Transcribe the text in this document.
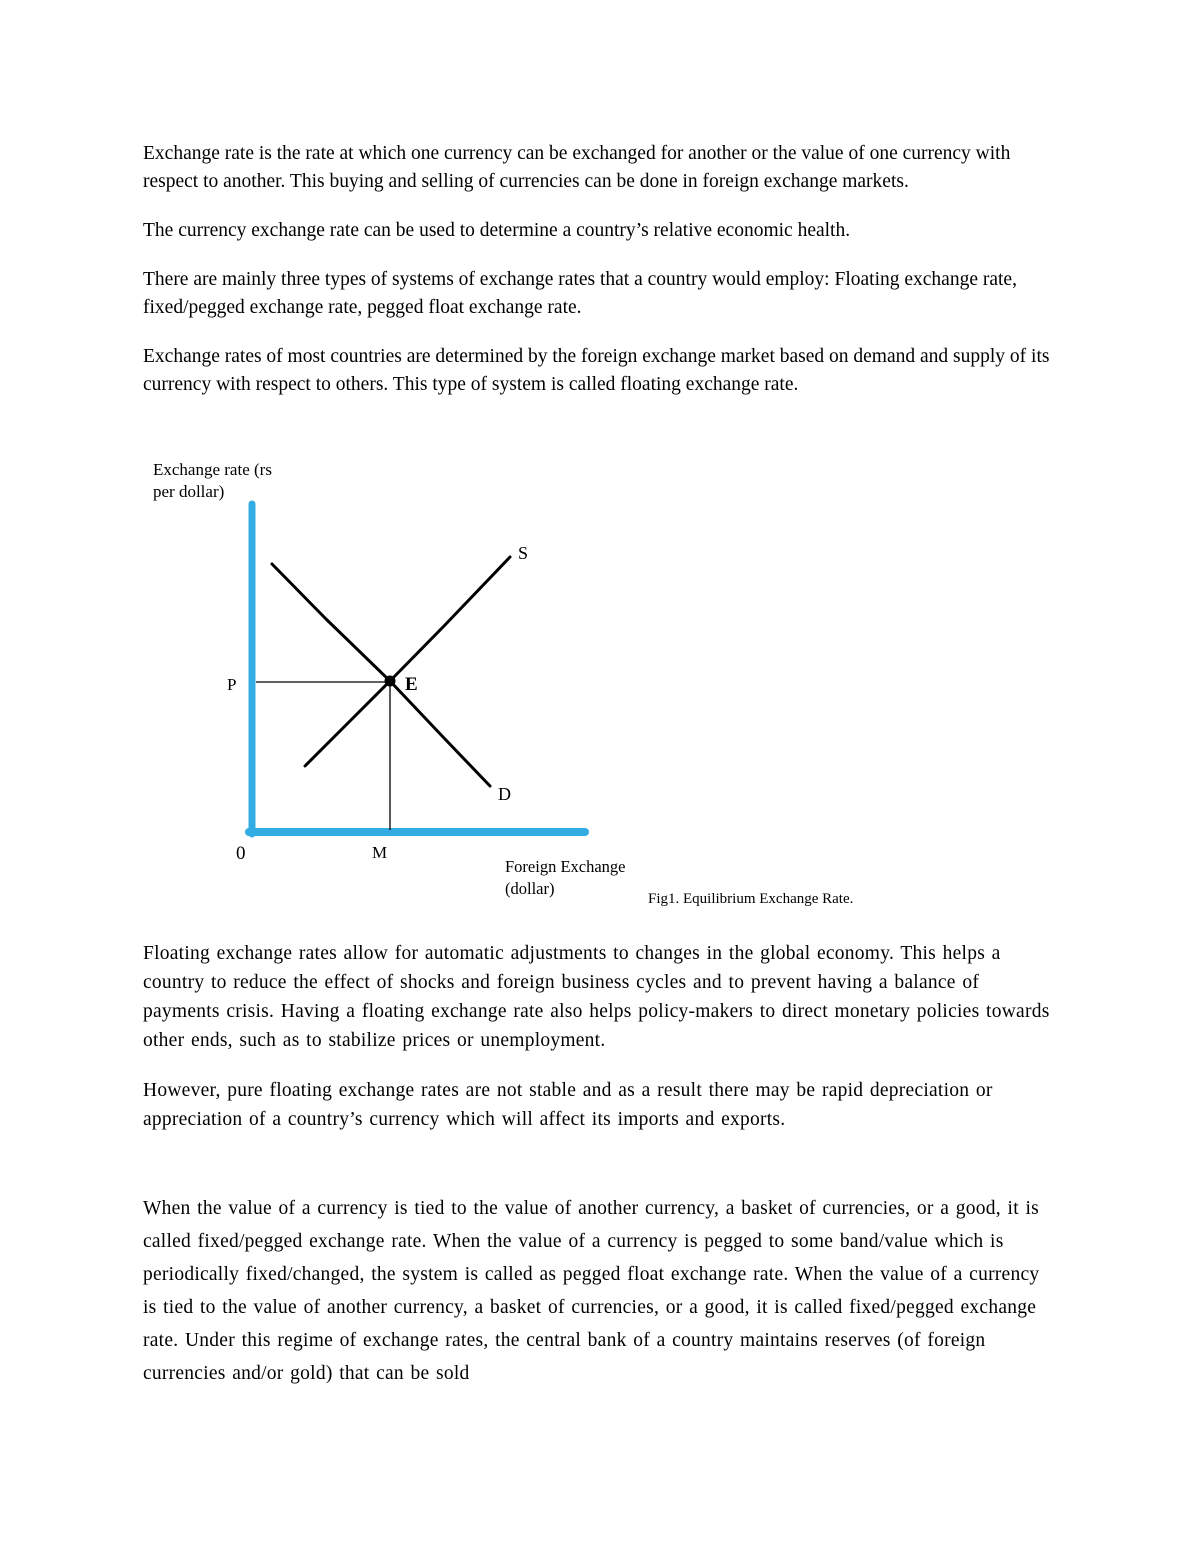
Exchange rate is the rate at which one currency can be exchanged for another or the value of one currency with respect to another. This buying and selling of currencies can be done in foreign exchange markets.

The currency exchange rate can be used to determine a country’s relative economic health.

There are mainly three types of systems of exchange rates that a country would employ: Floating exchange rate, fixed/pegged exchange rate, pegged float exchange rate.

Exchange rates of most countries are determined by the foreign exchange market based on demand and supply of its currency with respect to others. This type of system is called floating exchange rate.

Exchange rate (rs
per dollar)
S
D
E
P
0	M
Foreign Exchange
(dollar)
Fig1. Equilibrium Exchange Rate.

Floating exchange rates allow for automatic adjustments to changes in the global economy. This helps a country to reduce the effect of shocks and foreign business cycles and to prevent having a balance of payments crisis. Having a floating exchange rate also helps policy-makers to direct monetary policies towards other ends, such as to stabilize prices or unemployment.

However, pure floating exchange rates are not stable and as a result there may be rapid depreciation or appreciation of a country’s currency which will affect its imports and exports.

When the value of a currency is tied to the value of another currency, a basket of currencies, or a good, it is called fixed/pegged exchange rate. When the value of a currency is pegged to some band/value which is periodically fixed/changed, the system is called as pegged float exchange rate. When the value of a currency is tied to the value of another currency, a basket of currencies, or a good, it is called fixed/pegged exchange rate. Under this regime of exchange rates, the central bank of a country maintains reserves (of foreign currencies and/or gold) that can be sold
